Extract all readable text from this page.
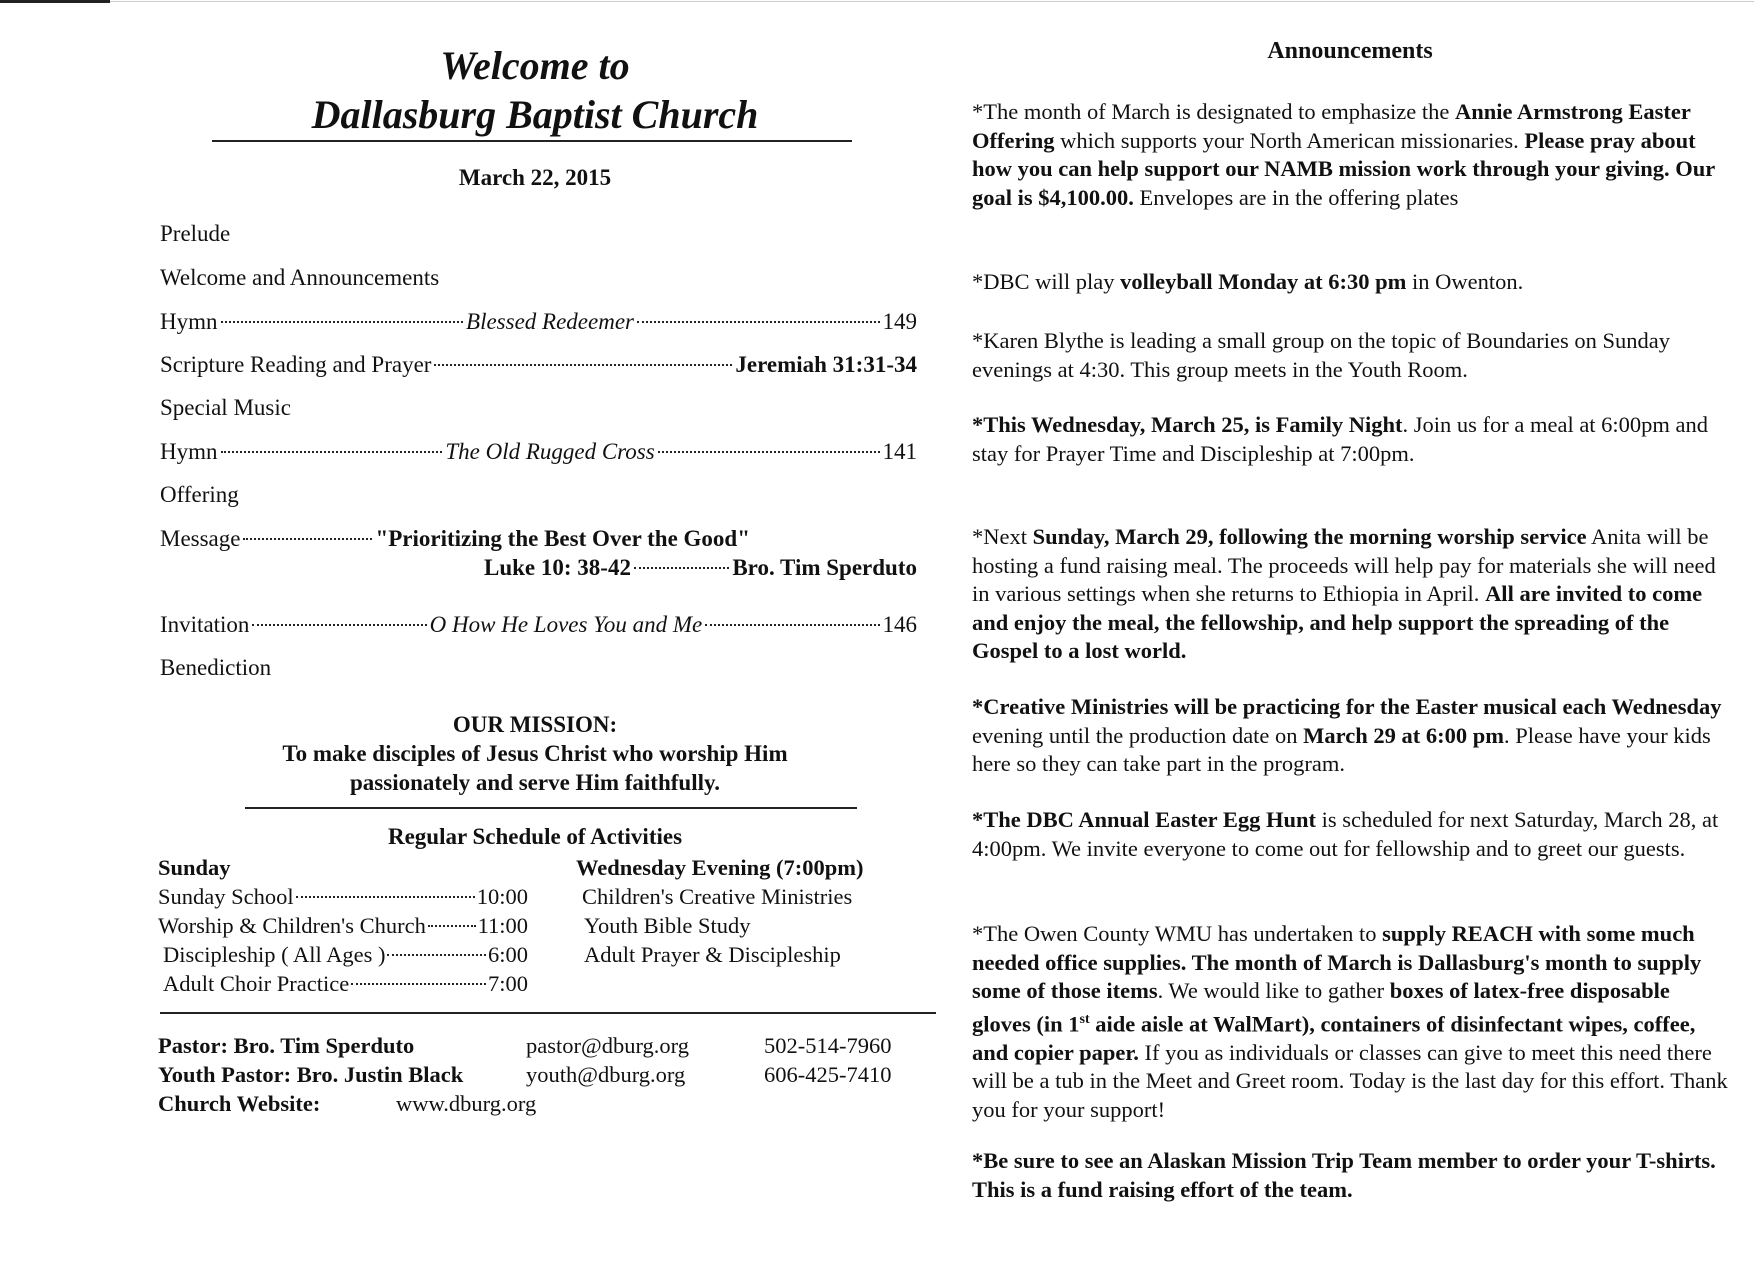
Welcome to
Dallasburg Baptist Church
March 22, 2015
Prelude
Welcome and Announcements
Hymn	Blessed Redeemer	149
Scripture Reading and Prayer	Jeremiah 31:31-34
Special Music
Hymn	The Old Rugged Cross	141
Offering
Message	"Prioritizing the Best Over the Good"
Luke 10: 38-42	Bro. Tim Sperduto
Invitation	O How He Loves You and Me	146
Benediction
OUR MISSION:
To make disciples of Jesus Christ who worship Him
passionately and serve Him faithfully.
Regular Schedule of Activities
Sunday
Sunday School	10:00
Worship & Children's Church 11:00
Discipleship ( All Ages )	6:00
Adult Choir Practice	7:00
Wednesday Evening (7:00pm)
Children's Creative Ministries
Youth Bible Study
Adult Prayer & Discipleship
Pastor: Bro. Tim Sperduto	pastor@dburg.org	502-514-7960
Youth Pastor: Bro. Justin Black	youth@dburg.org	606-425-7410
Church Website:	www.dburg.org
Announcements

*The month of March is designated to emphasize the Annie Armstrong Easter Offering which supports your North American missionaries. Please pray about how you can help support our NAMB mission work through your giving. Our goal is $4,100.00. Envelopes are in the offering plates

*DBC will play volleyball Monday at 6:30 pm in Owenton.

*Karen Blythe is leading a small group on the topic of Boundaries on Sunday evenings at 4:30. This group meets in the Youth Room.

*This Wednesday, March 25, is Family Night. Join us for a meal at 6:00pm and stay for Prayer Time and Discipleship at 7:00pm.

*Next Sunday, March 29, following the morning worship service Anita will be hosting a fund raising meal. The proceeds will help pay for materials she will need in various settings when she returns to Ethiopia in April. All are invited to come and enjoy the meal, the fellowship, and help support the spreading of the Gospel to a lost world.

*Creative Ministries will be practicing for the Easter musical each Wednesday evening until the production date on March 29 at 6:00 pm. Please have your kids here so they can take part in the program.

*The DBC Annual Easter Egg Hunt is scheduled for next Saturday, March 28, at 4:00pm. We invite everyone to come out for fellowship and to greet our guests.

*The Owen County WMU has undertaken to supply REACH with some much needed office supplies. The month of March is Dallasburg's month to supply some of those items. We would like to gather boxes of latex-free disposable gloves (in 1st aide aisle at WalMart), containers of disinfectant wipes, coffee, and copier paper. If you as individuals or classes can give to meet this need there will be a tub in the Meet and Greet room. Today is the last day for this effort. Thank you for your support!

*Be sure to see an Alaskan Mission Trip Team member to order your T-shirts. This is a fund raising effort of the team.
